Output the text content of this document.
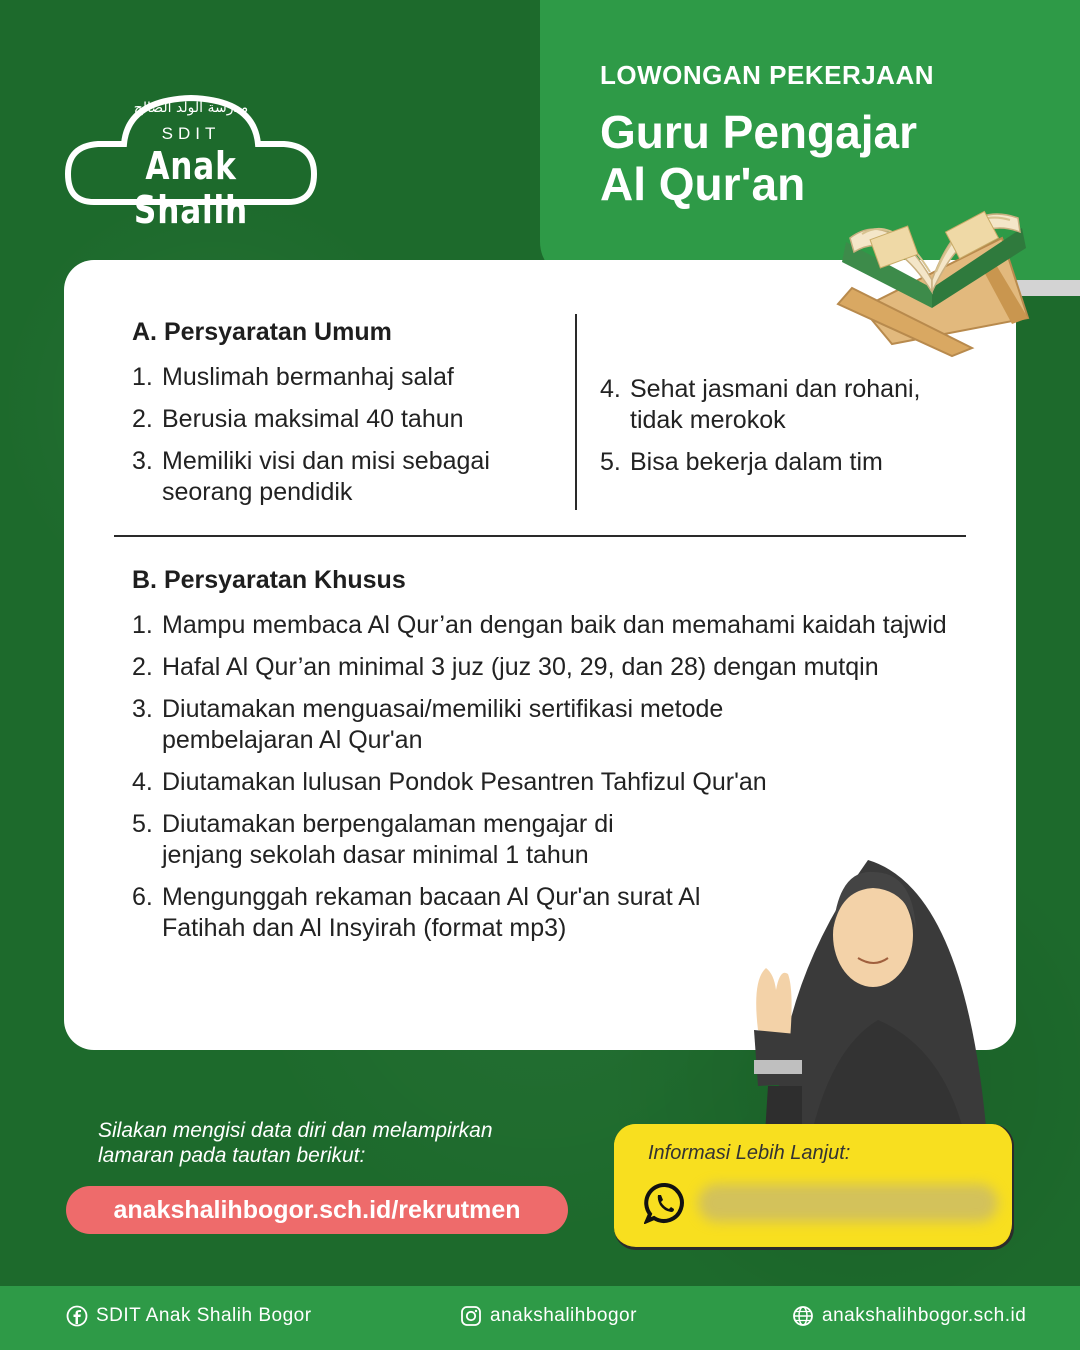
مدرسة الولد الصالح
SDIT
Anak Shalih
LOWONGAN PEKERJAAN
Guru Pengajar
Al Qur'an
A. Persyaratan Umum
1. Muslimah bermanhaj salaf
2. Berusia maksimal 40 tahun
3. Memiliki visi dan misi sebagai seorang pendidik
4. Sehat jasmani dan rohani, tidak merokok
5. Bisa bekerja dalam tim
B. Persyaratan Khusus
1. Mampu membaca Al Qur’an dengan baik dan memahami kaidah tajwid
2. Hafal Al Qur’an minimal 3 juz (juz 30, 29, dan 28) dengan mutqin
3. Diutamakan menguasai/memiliki sertifikasi metode pembelajaran Al Qur'an
4. Diutamakan lulusan Pondok Pesantren Tahfizul Qur'an
5. Diutamakan berpengalaman mengajar di jenjang sekolah dasar minimal 1 tahun
6. Mengunggah rekaman bacaan Al Qur'an surat Al Fatihah dan Al Insyirah (format mp3)
Silakan mengisi data diri dan melampirkan lamaran pada tautan berikut:
anakshalihbogor.sch.id/rekrutmen
Informasi Lebih Lanjut:
SDIT Anak Shalih Bogor	anakshalihbogor	anakshalihbogor.sch.id
